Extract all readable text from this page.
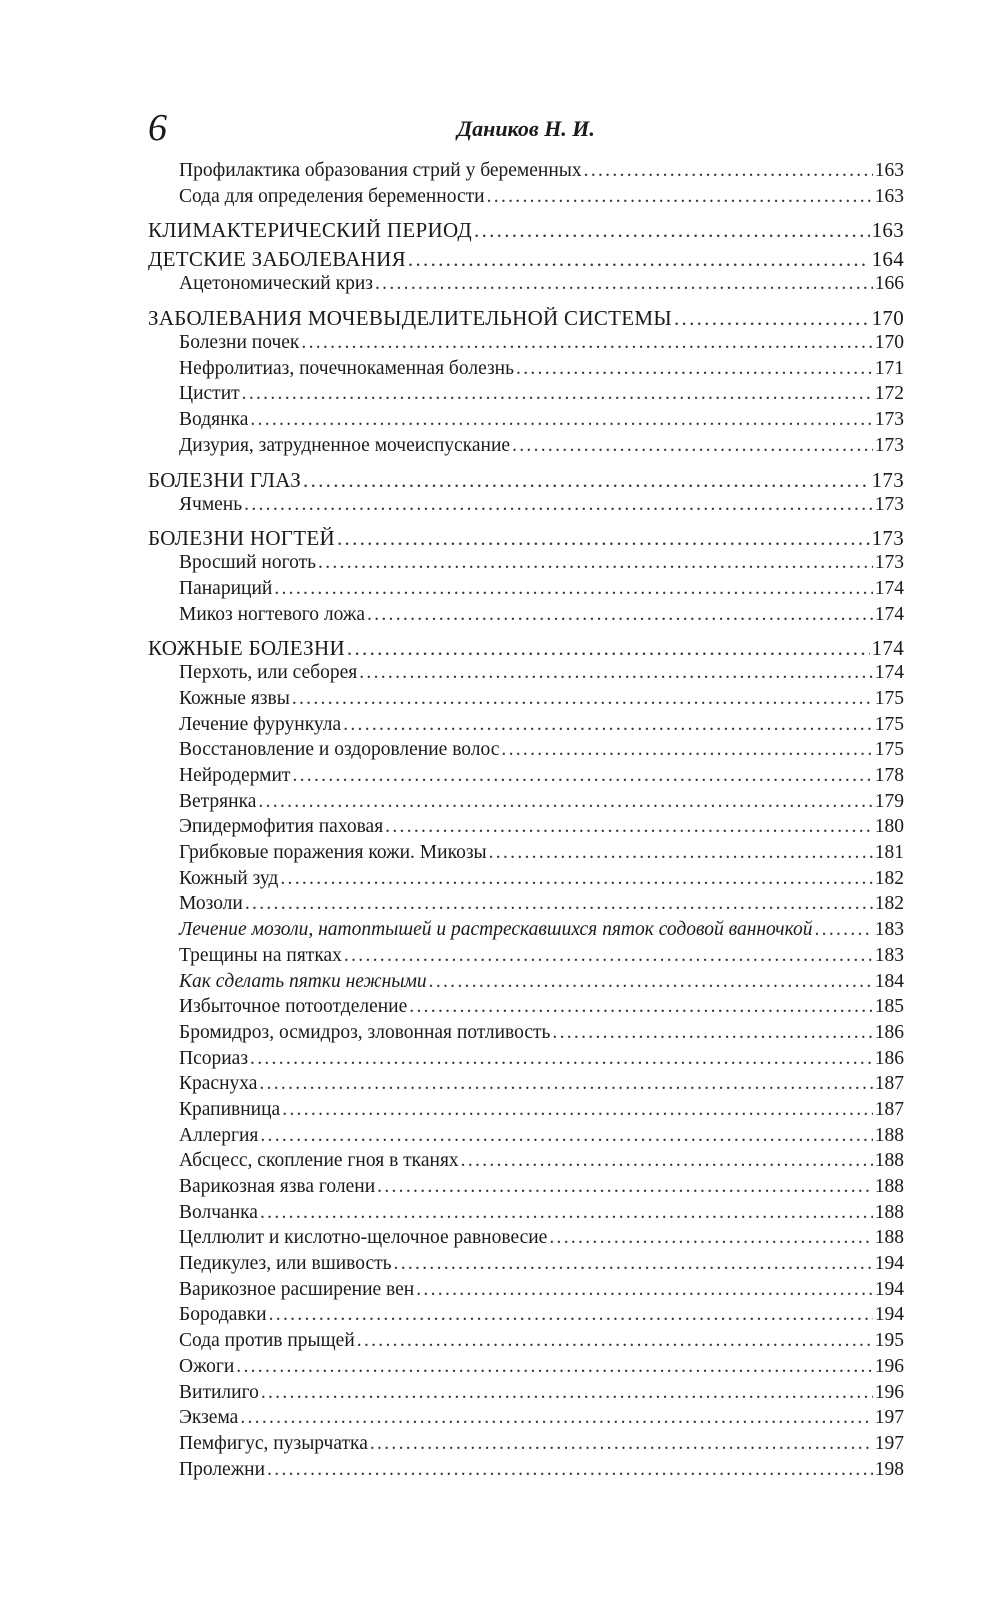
6	Даников Н. И.
Профилактика образования стрий у беременных .....	163
Сода для определения беременности .....	163
КЛИМАКТЕРИЧЕСКИЙ ПЕРИОД .....	163
ДЕТСКИЕ ЗАБОЛЕВАНИЯ .....	164
Ацетономический криз .....	166
ЗАБОЛЕВАНИЯ МОЧЕВЫДЕЛИТЕЛЬНОЙ СИСТЕМЫ .....	170
Болезни почек .....	170
Нефролитиаз, почечнокаменная болезнь .....	171
Цистит .....	172
Водянка .....	173
Дизурия, затрудненное мочеиспускание .....	173
БОЛЕЗНИ ГЛАЗ .....	173
Ячмень .....	173
БОЛЕЗНИ НОГТЕЙ .....	173
Вросший ноготь .....	173
Панариций .....	174
Микоз ногтевого ложа .....	174
КОЖНЫЕ БОЛЕЗНИ .....	174
Перхоть, или себорея .....	174
Кожные язвы .....	175
Лечение фурункула .....	175
Восстановление и оздоровление волос .....	175
Нейродермит .....	178
Ветрянка .....	179
Эпидермофития паховая .....	180
Грибковые поражения кожи. Микозы .....	181
Кожный зуд .....	182
Мозоли .....	182
Лечение мозоли, натоптышей и растрескавшихся пяток содовой ванночкой .....	183
Трещины на пятках .....	183
Как сделать пятки нежными .....	184
Избыточное потоотделение .....	185
Бромидроз, осмидроз, зловонная потливость .....	186
Псориаз .....	186
Краснуха .....	187
Крапивница .....	187
Аллергия .....	188
Абсцесс, скопление гноя в тканях .....	188
Варикозная язва голени .....	188
Волчанка .....	188
Целлюлит и кислотно-щелочное равновесие .....	188
Педикулез, или вшивость .....	194
Варикозное расширение вен .....	194
Бородавки .....	194
Сода против прыщей .....	195
Ожоги .....	196
Витилиго .....	196
Экзема .....	197
Пемфигус, пузырчатка .....	197
Пролежни .....	198
